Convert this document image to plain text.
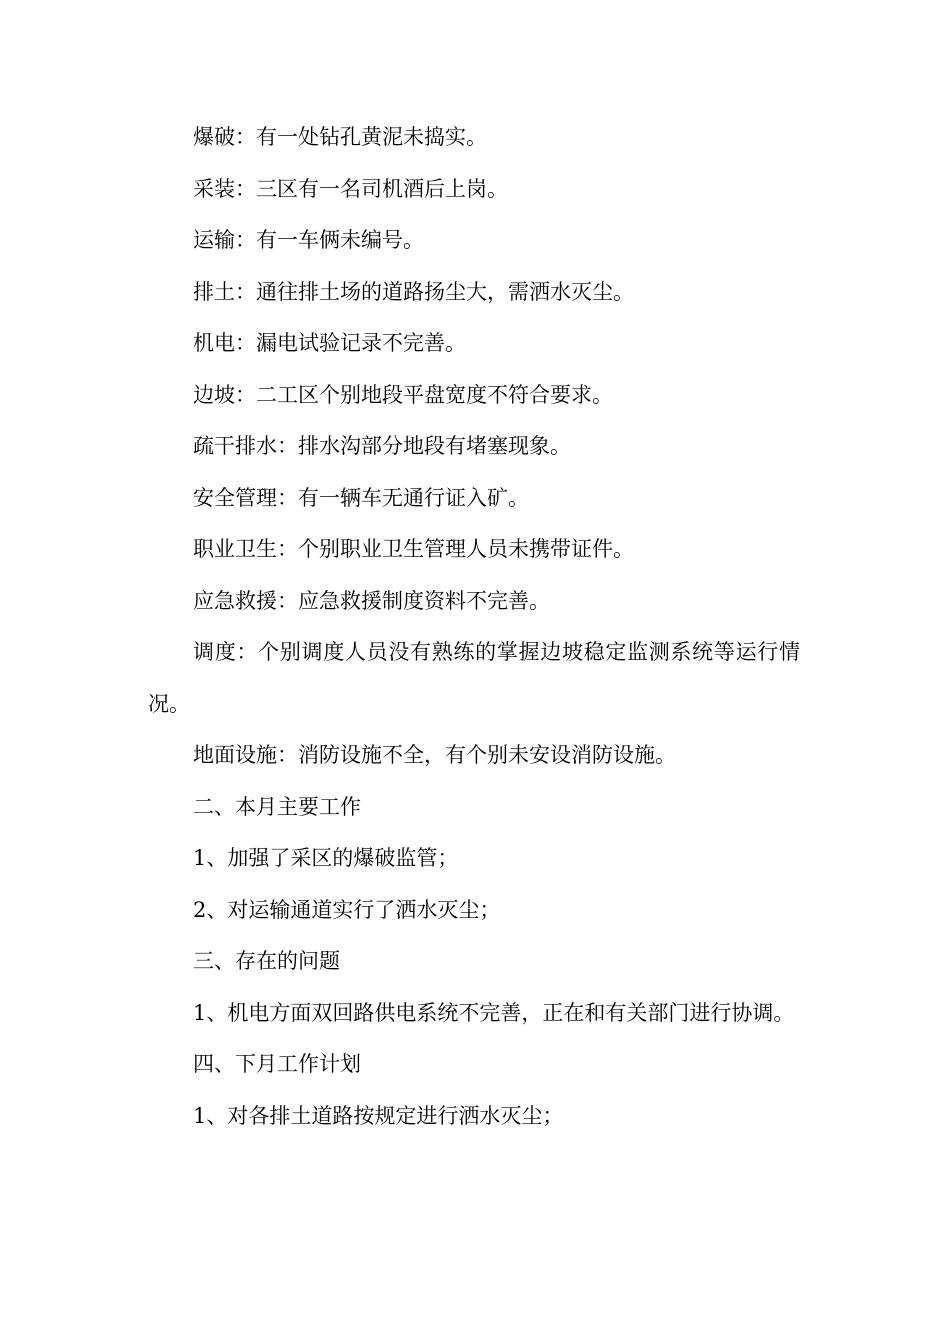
爆破：有一处钻孔黄泥未捣实。

采装：三区有一名司机酒后上岗。

运输：有一车俩未编号。

排土：通往排土场的道路扬尘大，需洒水灭尘。

机电：漏电试验记录不完善。

边坡：二工区个别地段平盘宽度不符合要求。

疏干排水：排水沟部分地段有堵塞现象。

安全管理：有一辆车无通行证入矿。

职业卫生：个别职业卫生管理人员未携带证件。

应急救援：应急救援制度资料不完善。

调度：个别调度人员没有熟练的掌握边坡稳定监测系统等运行情况。

地面设施：消防设施不全，有个别未安设消防设施。

二、本月主要工作

1、加强了采区的爆破监管；

2、对运输通道实行了洒水灭尘；

三、存在的问题

1、机电方面双回路供电系统不完善，正在和有关部门进行协调。

四、下月工作计划

1、对各排土道路按规定进行洒水灭尘；
